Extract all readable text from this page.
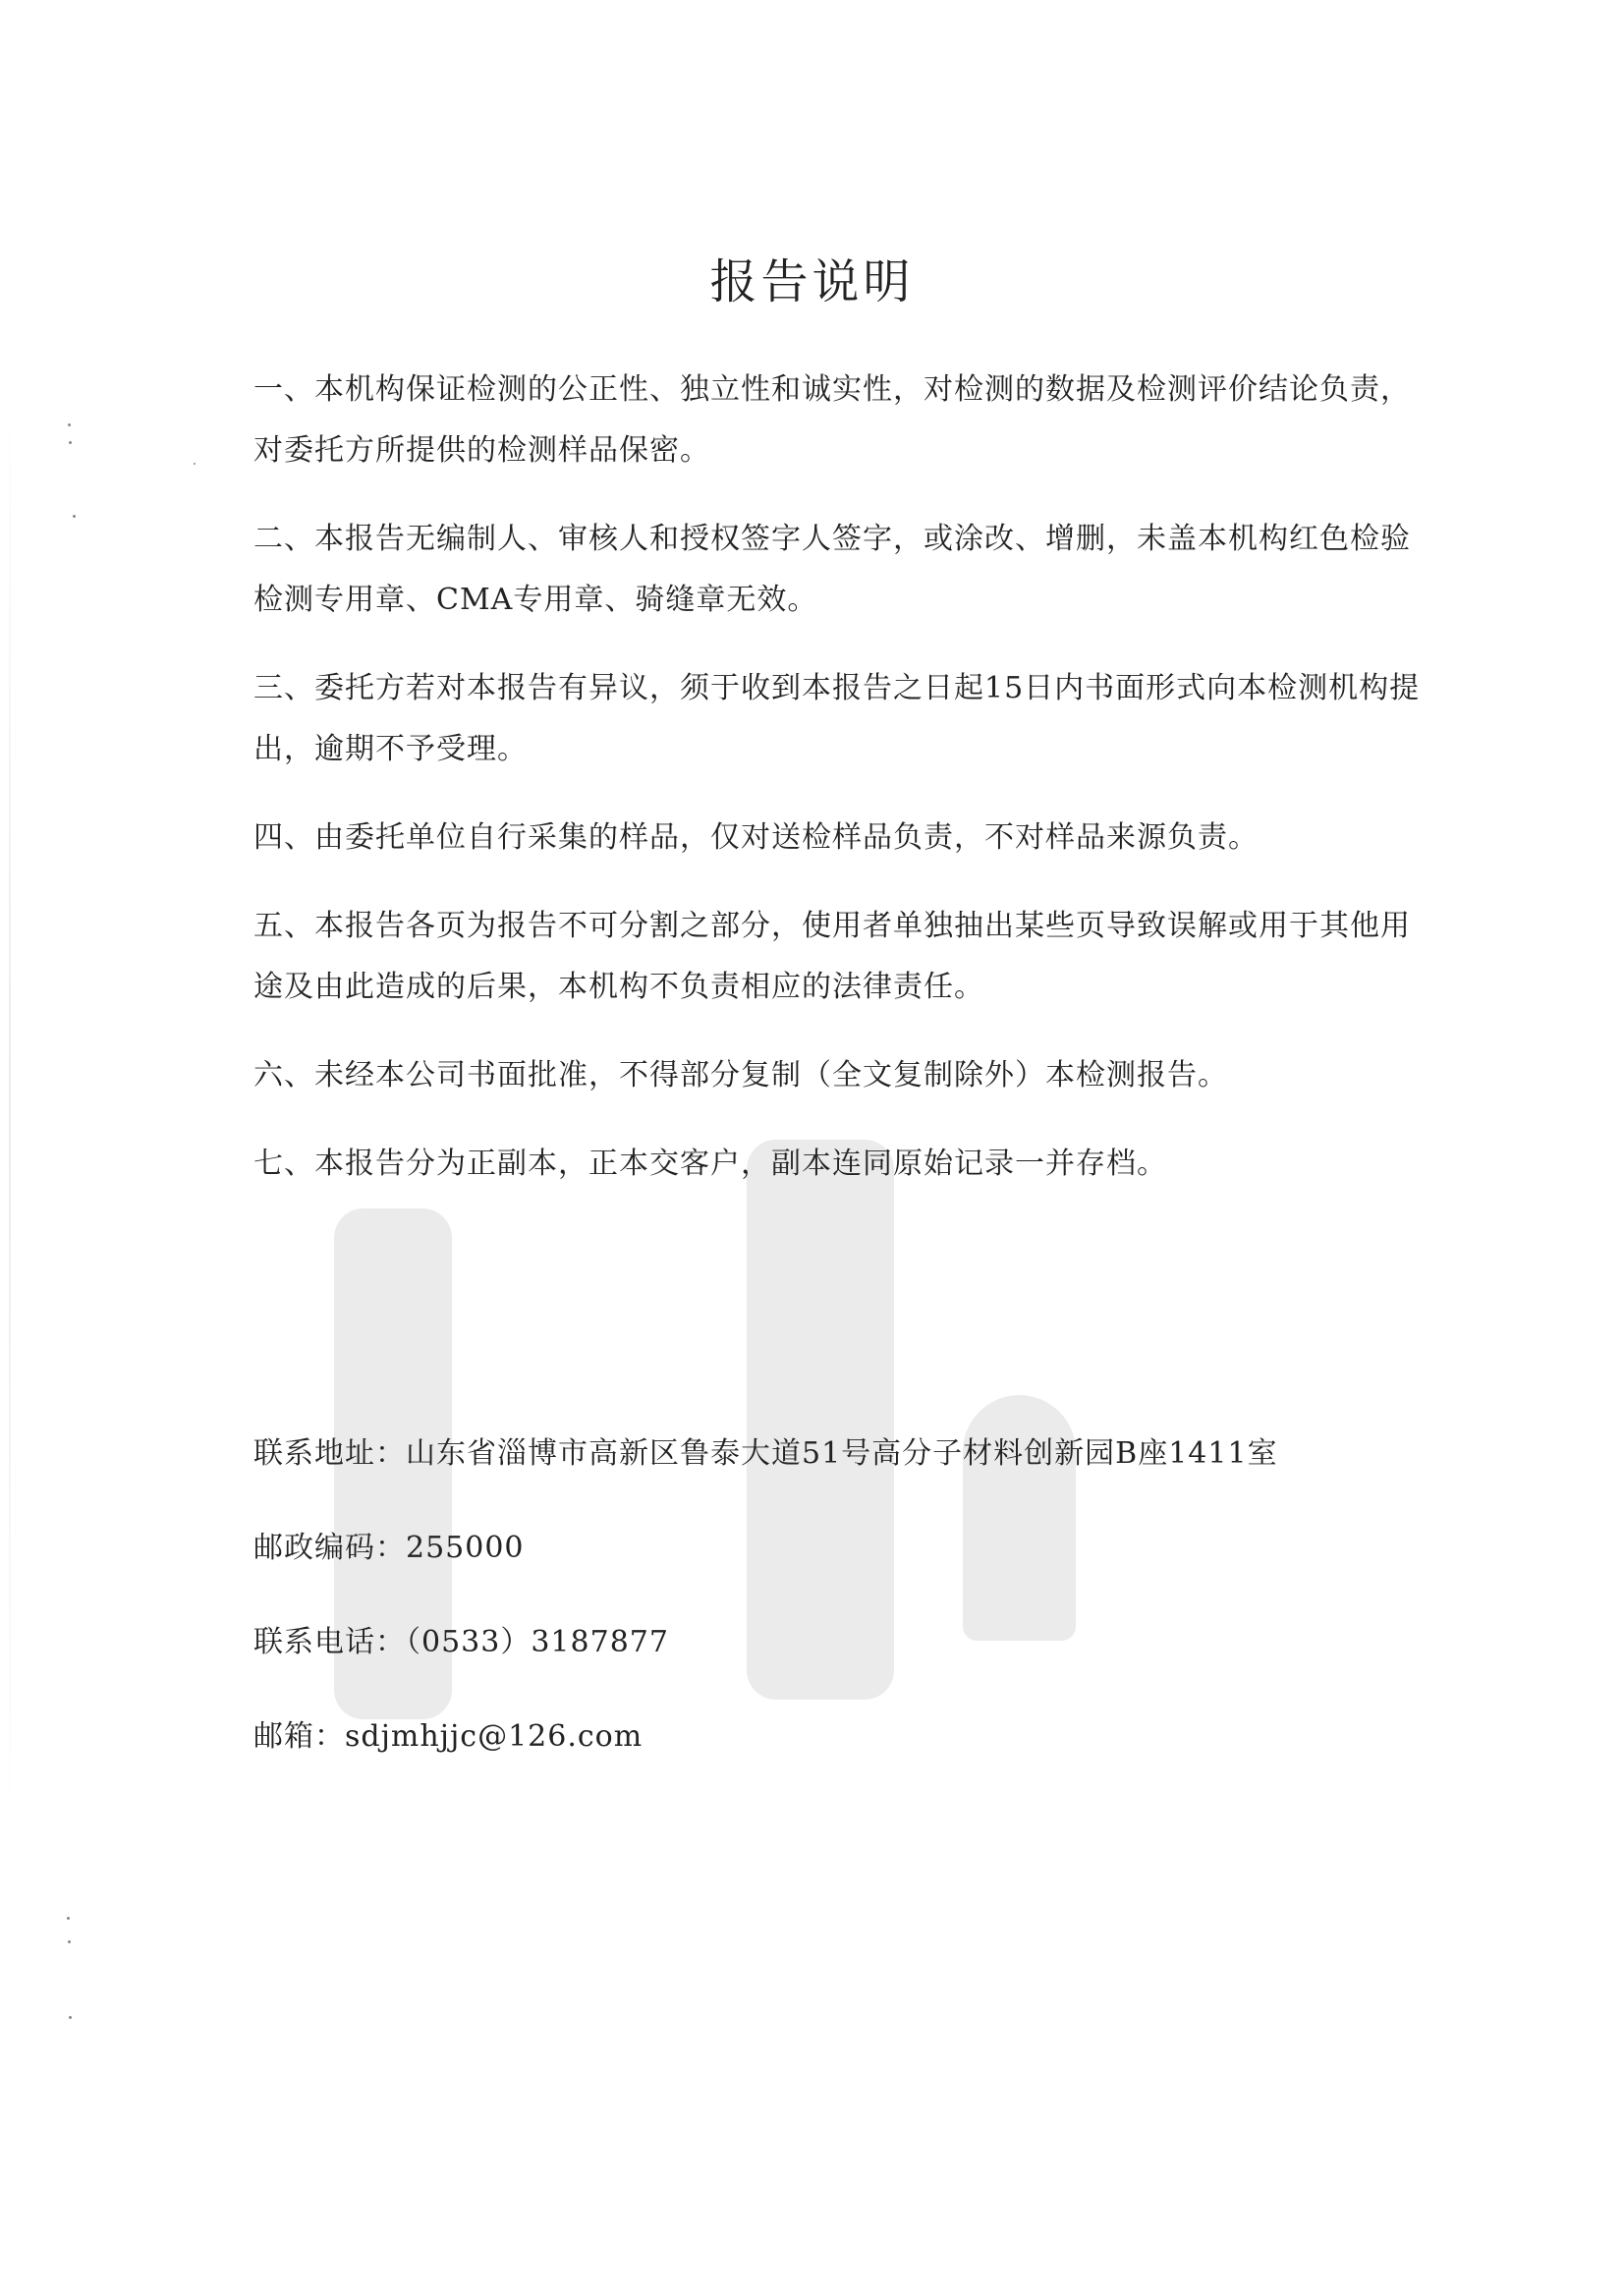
报告说明

一、本机构保证检测的公正性、独立性和诚实性，对检测的数据及检测评价结论负责，对委托方所提供的检测样品保密。

二、本报告无编制人、审核人和授权签字人签字，或涂改、增删，未盖本机构红色检验检测专用章、CMA专用章、骑缝章无效。

三、委托方若对本报告有异议，须于收到本报告之日起15日内书面形式向本检测机构提出，逾期不予受理。

四、由委托单位自行采集的样品，仅对送检样品负责，不对样品来源负责。

五、本报告各页为报告不可分割之部分，使用者单独抽出某些页导致误解或用于其他用途及由此造成的后果，本机构不负责相应的法律责任。

六、未经本公司书面批准，不得部分复制（全文复制除外）本检测报告。

七、本报告分为正副本，正本交客户，副本连同原始记录一并存档。

联系地址：山东省淄博市高新区鲁泰大道51号高分子材料创新园B座1411室
邮政编码：255000
联系电话：（0533）3187877
邮箱：sdjmhjjc@126.com
